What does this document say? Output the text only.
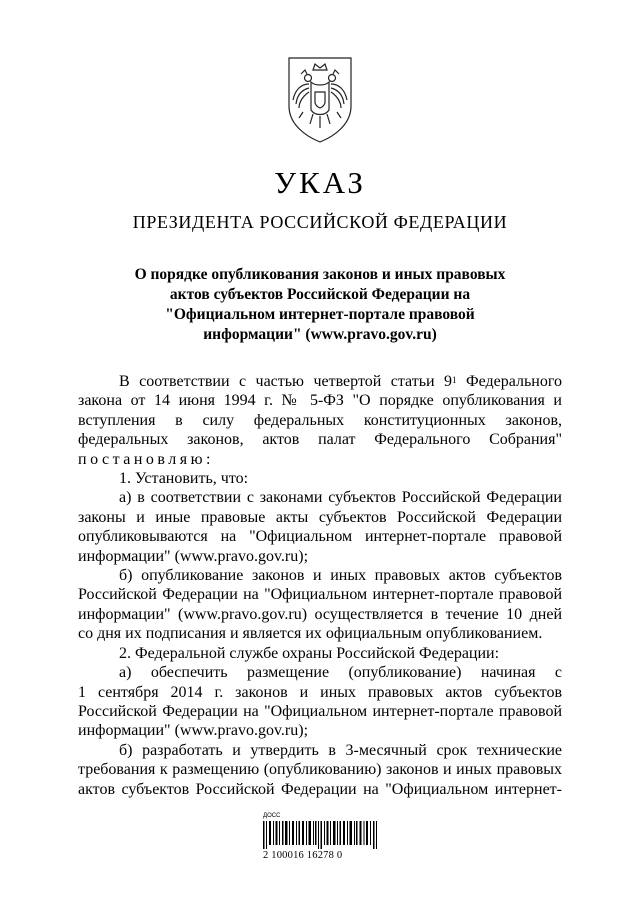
УКАЗ
ПРЕЗИДЕНТА РОССИЙСКОЙ ФЕДЕРАЦИИ
О порядке опубликования законов и иных правовых
актов субъектов Российской Федерации на
"Официальном интернет-портале правовой
информации" (www.pravo.gov.ru)

В соответствии с частью четвертой статьи $9^1$ Федерального

закона от 14 июня 1994 г. № 5-ФЗ "О порядке опубликования и

вступления в силу федеральных конституционных законов,

федеральных законов, актов палат Федерального Собрания"

постановляю:

1. Установить, что:

а) в соответствии с законами субъектов Российской Федерации

законы и иные правовые акты субъектов Российской Федерации

опубликовываются на "Официальном интернет-портале правовой

информации" (www.pravo.gov.ru);

б) опубликование законов и иных правовых актов субъектов

Российской Федерации на "Официальном интернет-портале правовой

информации" (www.pravo.gov.ru) осуществляется в течение 10 дней

со дня их подписания и является их официальным опубликованием.

2. Федеральной службе охраны Российской Федерации:

а) обеспечить размещение (опубликование) начиная с

1 сентября 2014 г. законов и иных правовых актов субъектов

Российской Федерации на "Официальном интернет-портале правовой

информации" (www.pravo.gov.ru);

б) разработать и утвердить в 3-месячный срок технические

требования к размещению (опубликованию) законов и иных правовых

актов субъектов Российской Федерации на "Официальном интернет-

ДОСС
2 100016 16278 0
